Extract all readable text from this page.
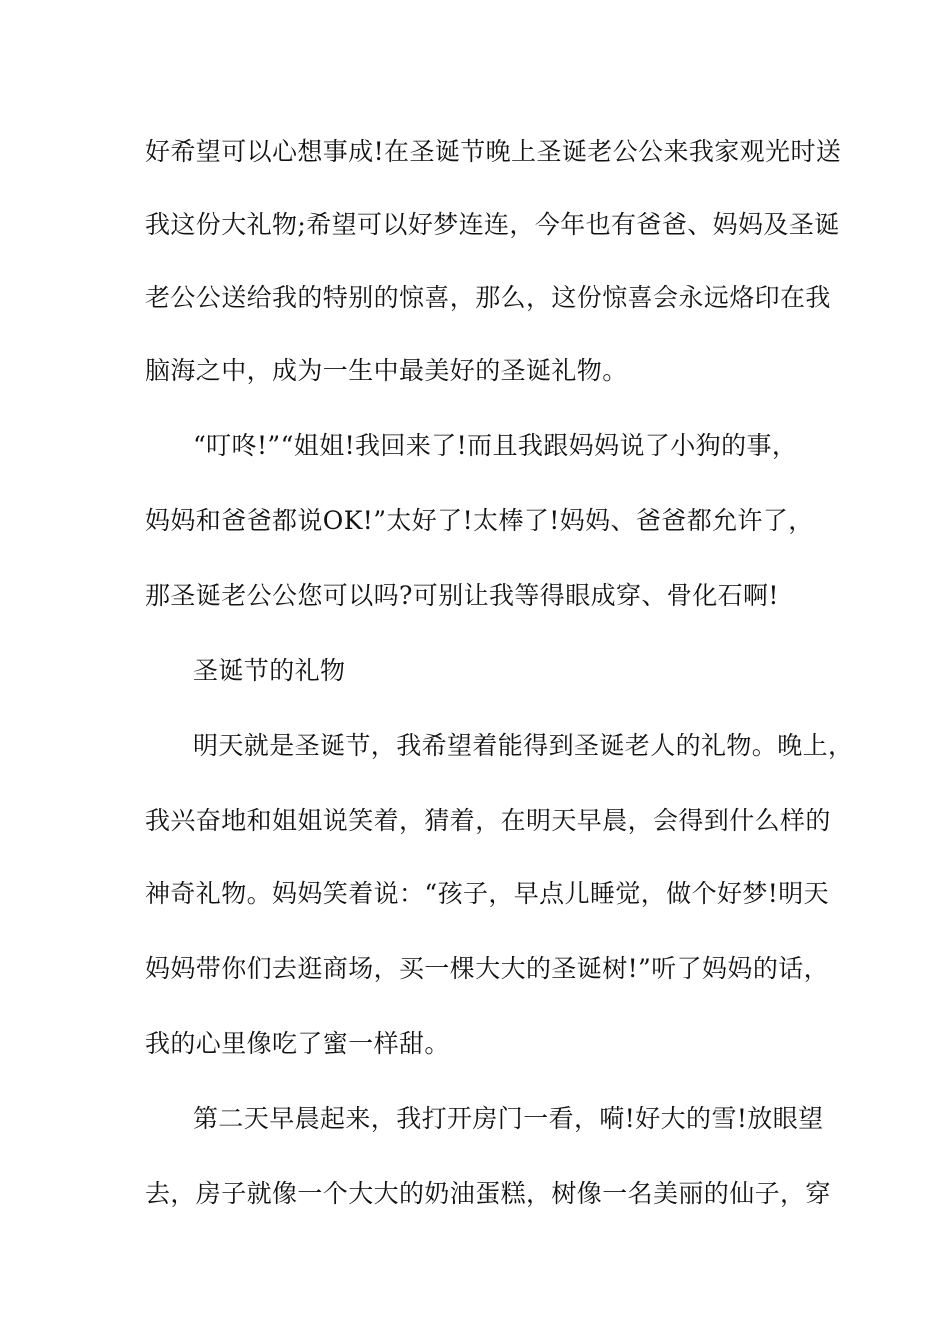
好希望可以心想事成!在圣诞节晚上圣诞老公公来我家观光时送
我这份大礼物;希望可以好梦连连，今年也有爸爸、妈妈及圣诞
老公公送给我的特别的惊喜，那么，这份惊喜会永远烙印在我
脑海之中，成为一生中最美好的圣诞礼物。
“叮咚!”“姐姐!我回来了!而且我跟妈妈说了小狗的事，
妈妈和爸爸都说OK!”太好了!太棒了!妈妈、爸爸都允许了，
那圣诞老公公您可以吗?可别让我等得眼成穿、骨化石啊!
圣诞节的礼物
明天就是圣诞节，我希望着能得到圣诞老人的礼物。晚上，
我兴奋地和姐姐说笑着，猜着，在明天早晨，会得到什么样的
神奇礼物。妈妈笑着说：“孩子，早点儿睡觉，做个好梦!明天
妈妈带你们去逛商场，买一棵大大的圣诞树!”听了妈妈的话，
我的心里像吃了蜜一样甜。
第二天早晨起来，我打开房门一看，嗬!好大的雪!放眼望
去，房子就像一个大大的奶油蛋糕，树像一名美丽的仙子，穿
